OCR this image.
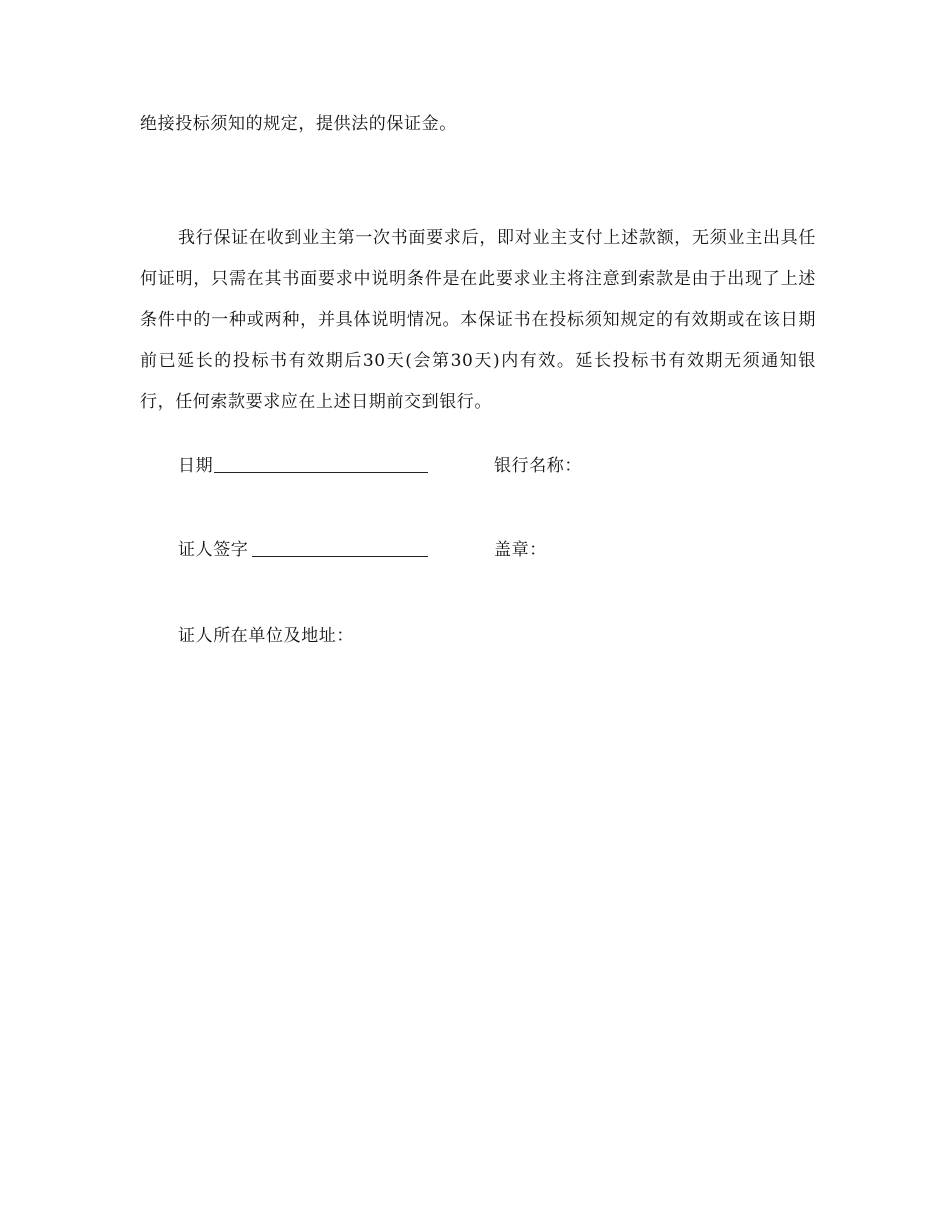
绝接投标须知的规定，提供法的保证金。
我行保证在收到业主第一次书面要求后，即对业主支付上述款额，无须业主出具任何证明，只需在其书面要求中说明条件是在此要求业主将注意到索款是由于出现了上述条件中的一种或两种，并具体说明情况。本保证书在投标须知规定的有效期或在该日期前已延长的投标书有效期后30天(会第30天)内有效。延长投标书有效期无须通知银行，任何索款要求应在上述日期前交到银行。
日期	银行名称：
证人签字	盖章：
证人所在单位及地址：
